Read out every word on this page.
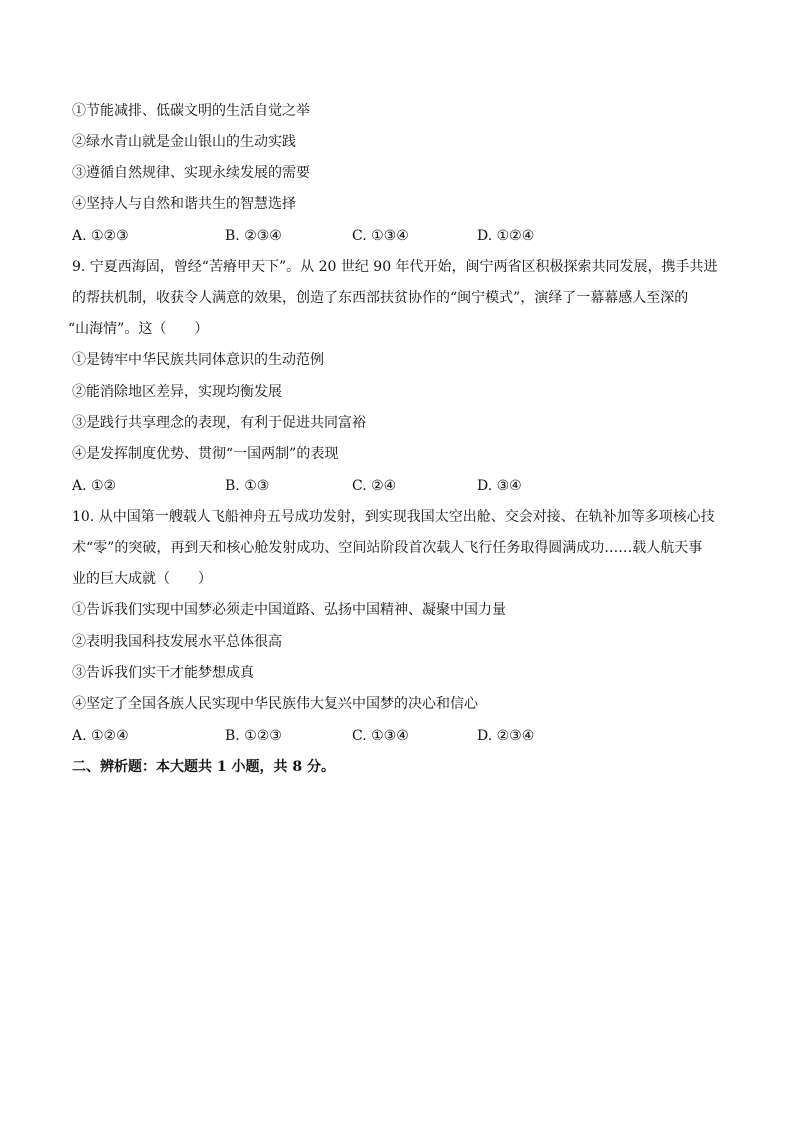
①节能减排、低碳文明的生活自觉之举
②绿水青山就是金山银山的生动实践
③遵循自然规律、实现永续发展的需要
④坚持人与自然和谐共生的智慧选择
A. ①②③	B. ②③④	C. ①③④	D. ①②④
9. 宁夏西海固，曾经“苦瘠甲天下”。从 20 世纪 90 年代开始，闽宁两省区积极探索共同发展，携手共进
的帮扶机制，收获令人满意的效果，创造了东西部扶贫协作的“闽宁模式”，演绎了一幕幕感人至深的
“山海情”。这（　　）
①是铸牢中华民族共同体意识的生动范例
②能消除地区差异，实现均衡发展
③是践行共享理念的表现，有利于促进共同富裕
④是发挥制度优势、贯彻“一国两制”的表现
A. ①②	B. ①③	C. ②④	D. ③④
10. 从中国第一艘载人飞船神舟五号成功发射，到实现我国太空出舱、交会对接、在轨补加等多项核心技
术“零”的突破，再到天和核心舱发射成功、空间站阶段首次载人飞行任务取得圆满成功……载人航天事
业的巨大成就（　　）
①告诉我们实现中国梦必须走中国道路、弘扬中国精神、凝聚中国力量
②表明我国科技发展水平总体很高
③告诉我们实干才能梦想成真
④坚定了全国各族人民实现中华民族伟大复兴中国梦的决心和信心
A. ①②④	B. ①②③	C. ①③④	D. ②③④
二、辨析题：本大题共 1 小题，共 8 分。
